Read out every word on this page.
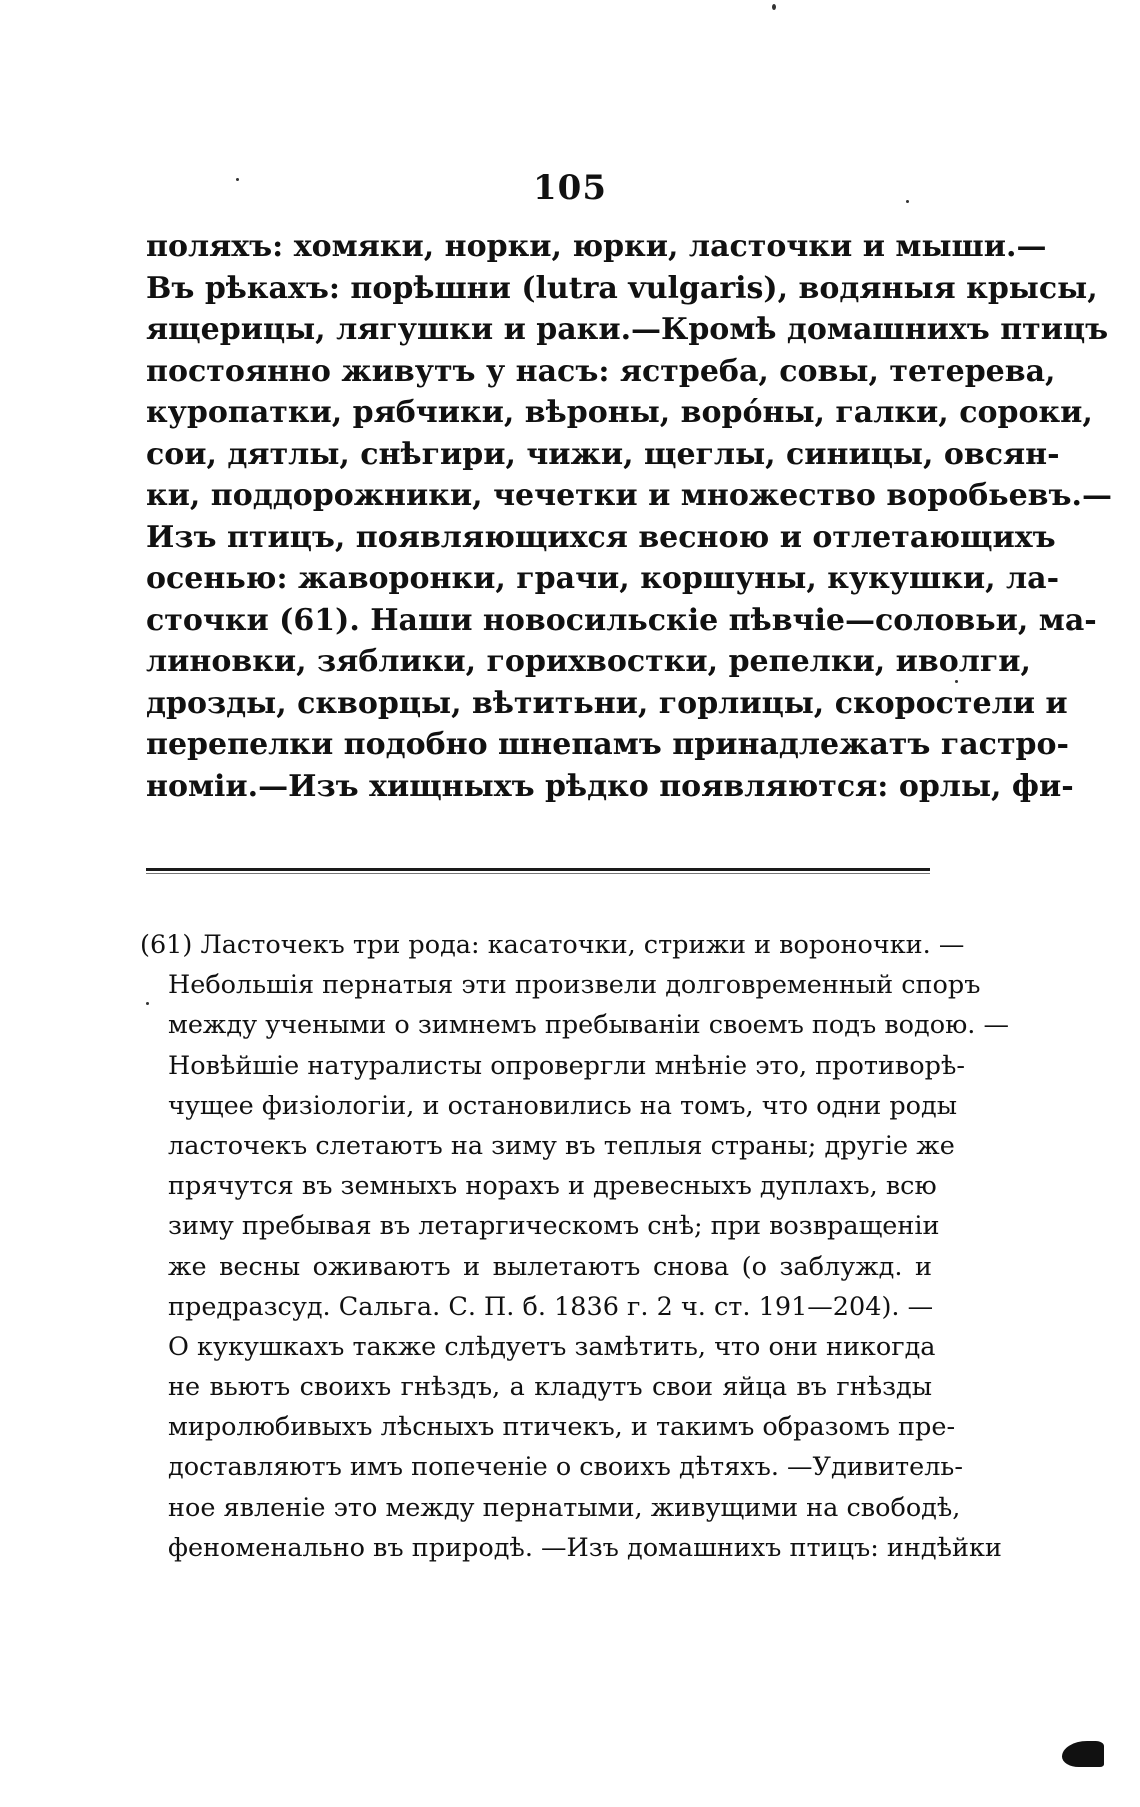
105
поляхъ: хомяки, норки, юрки, ласточки и мыши.—
Въ рѣкахъ: порѣшни (lutra vulgaris), водяныя крысы,
ящерицы, лягушки и раки.—Кромѣ домашнихъ птицъ
постоянно живутъ у насъ: ястреба, совы, тетерева,
куропатки, рябчики, вѣроны, ворóны, галки, сороки,
сои, дятлы, снѣгири, чижи, щеглы, синицы, овсян-
ки, поддорожники, чечетки и множество воробьевъ.—
Изъ птицъ, появляющихся весною и отлетающихъ
осенью: жаворонки, грачи, коршуны, кукушки, ла-
сточки (61). Наши новосильскіе пѣвчіе—соловьи, ма-
линовки, зяблики, горихвостки, репелки, иволги,
дрозды, скворцы, вѣтитьни, горлицы, скоростели и
перепелки подобно шнепамъ принадлежатъ гастро-
номіи.—Изъ хищныхъ рѣдко появляются: орлы, фи-
(61) Ласточекъ три рода: касаточки, стрижи и вороночки. —
Небольшія пернатыя эти произвели долговременный споръ
между учеными о зимнемъ пребываніи своемъ подъ водою. —
Новѣйшіе натуралисты опровергли мнѣніе это, противорѣ-
чущее физіологіи, и остановились на томъ, что одни роды
ласточекъ слетаютъ на зиму въ теплыя страны; другіе же
прячутся въ земныхъ норахъ и древесныхъ дуплахъ, всю
зиму пребывая въ летаргическомъ снѣ; при возвращеніи
же весны оживаютъ и вылетаютъ снова (о заблужд. и
предразсуд. Сальга. С. П. б. 1836 г. 2 ч. ст. 191—204). —
О кукушкахъ также слѣдуетъ замѣтить, что они никогда
не вьютъ своихъ гнѣздъ, а кладутъ свои яйца въ гнѣзды
миролюбивыхъ лѣсныхъ птичекъ, и такимъ образомъ пре-
доставляютъ имъ попеченіе о своихъ дѣтяхъ. —Удивитель-
ное явленіе это между пернатыми, живущими на свободѣ,
феноменально въ природѣ. —Изъ домашнихъ птицъ: индѣйки
